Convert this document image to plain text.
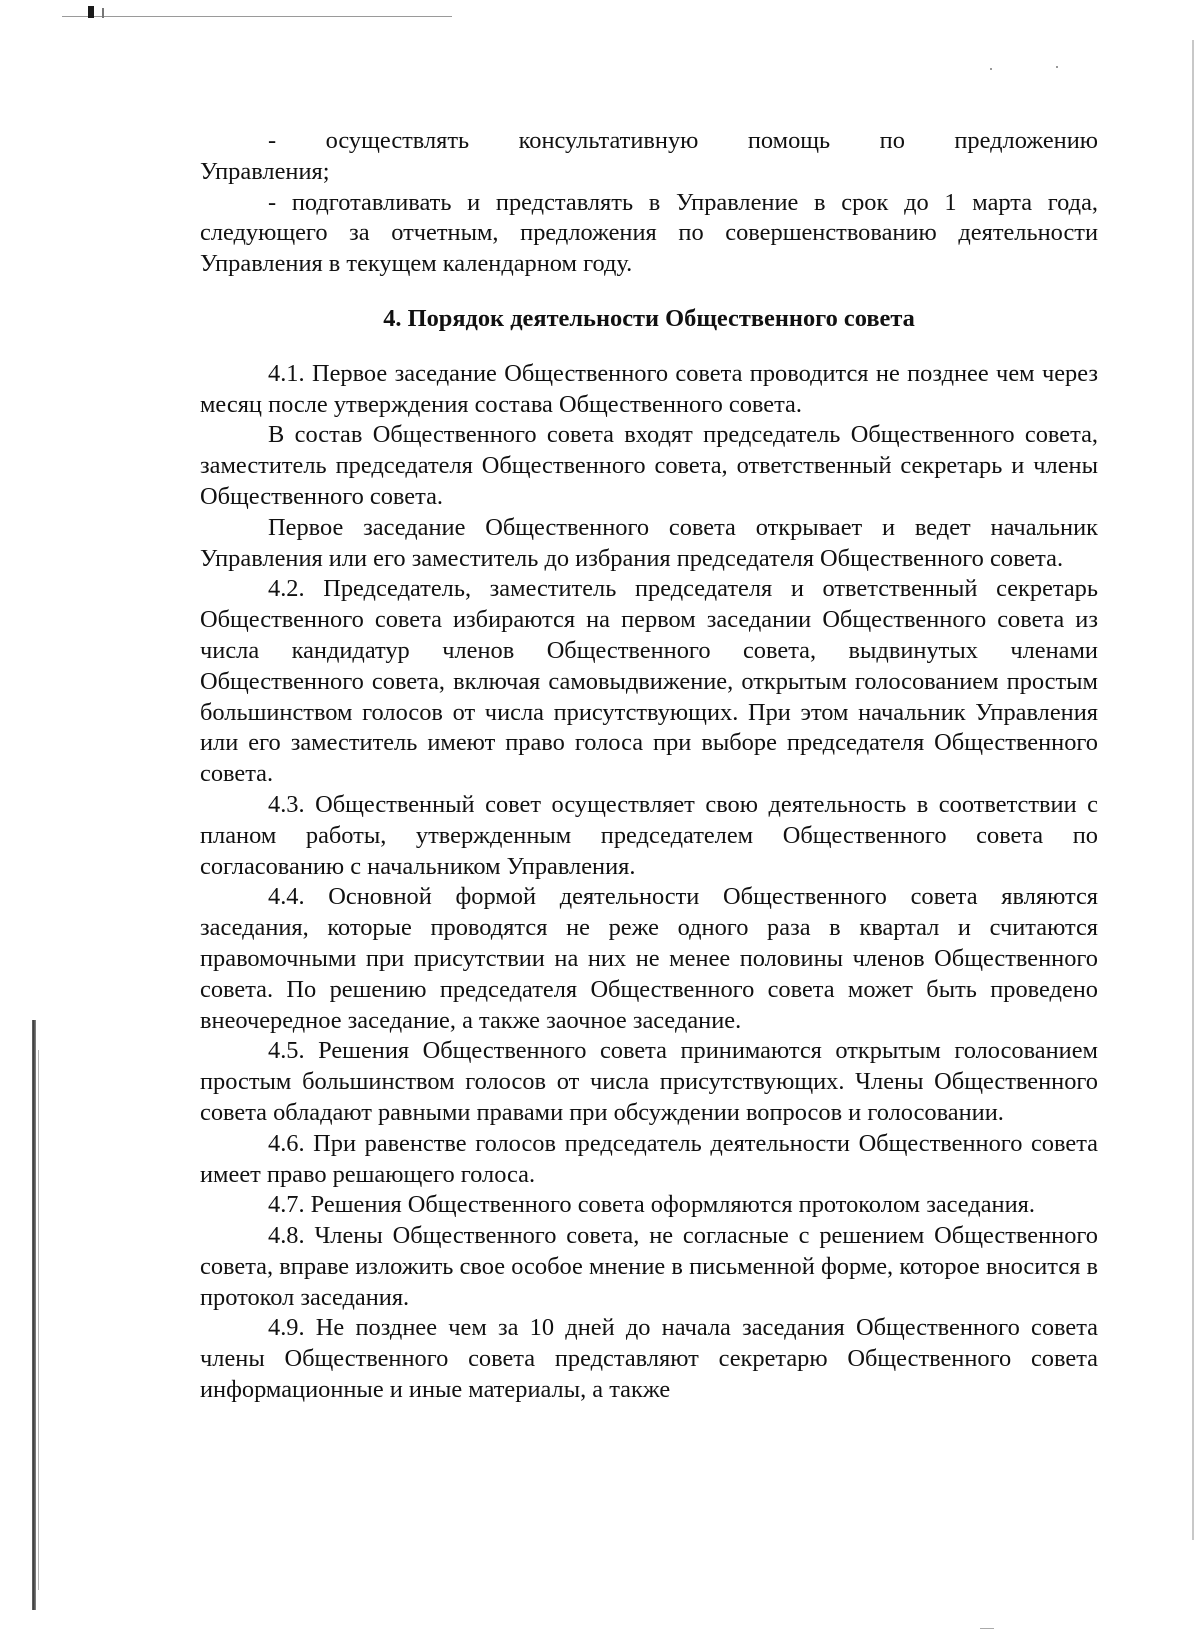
-     осуществлять     консультативную     помощь     по     предложению Управления;

- подготавливать и представлять в Управление в срок до 1 марта года, следующего за отчетным, предложения по совершенствованию деятельности Управления в текущем календарном году.

4. Порядок деятельности Общественного совета

4.1. Первое заседание Общественного совета проводится не позднее чем через месяц после утверждения состава Общественного совета.

В состав Общественного совета входят председатель Общественного совета, заместитель председателя Общественного совета, ответственный секретарь и члены Общественного совета.

Первое заседание Общественного совета открывает и ведет начальник Управления или его заместитель до избрания председателя Общественного совета.

4.2. Председатель, заместитель председателя и ответственный секретарь Общественного совета избираются на первом заседании Общественного совета из числа кандидатур членов Общественного совета, выдвинутых членами Общественного совета, включая самовыдвижение, открытым голосованием простым большинством голосов от числа присутствующих. При этом начальник Управления или его заместитель имеют право голоса при выборе председателя Общественного совета.

4.3. Общественный совет осуществляет свою деятельность в соответствии с планом работы, утвержденным председателем Общественного совета по согласованию с начальником Управления.

4.4. Основной формой деятельности Общественного совета являются заседания, которые проводятся не реже одного раза в квартал и считаются правомочными при присутствии на них не менее половины членов Общественного совета. По решению председателя Общественного совета может быть проведено внеочередное заседание, а также заочное заседание.

4.5. Решения Общественного совета принимаются открытым голосованием простым большинством голосов от числа присутствующих. Члены Общественного совета обладают равными правами при обсуждении вопросов и голосовании.

4.6. При равенстве голосов председатель деятельности Общественного совета имеет право решающего голоса.

4.7. Решения Общественного совета оформляются протоколом заседания.

4.8. Члены Общественного совета, не согласные с решением Общественного совета, вправе изложить свое особое мнение в письменной форме, которое вносится в протокол заседания.

4.9. Не позднее чем за 10 дней до начала заседания Общественного совета члены Общественного совета представляют секретарю Общественного совета информационные и иные материалы, а также
